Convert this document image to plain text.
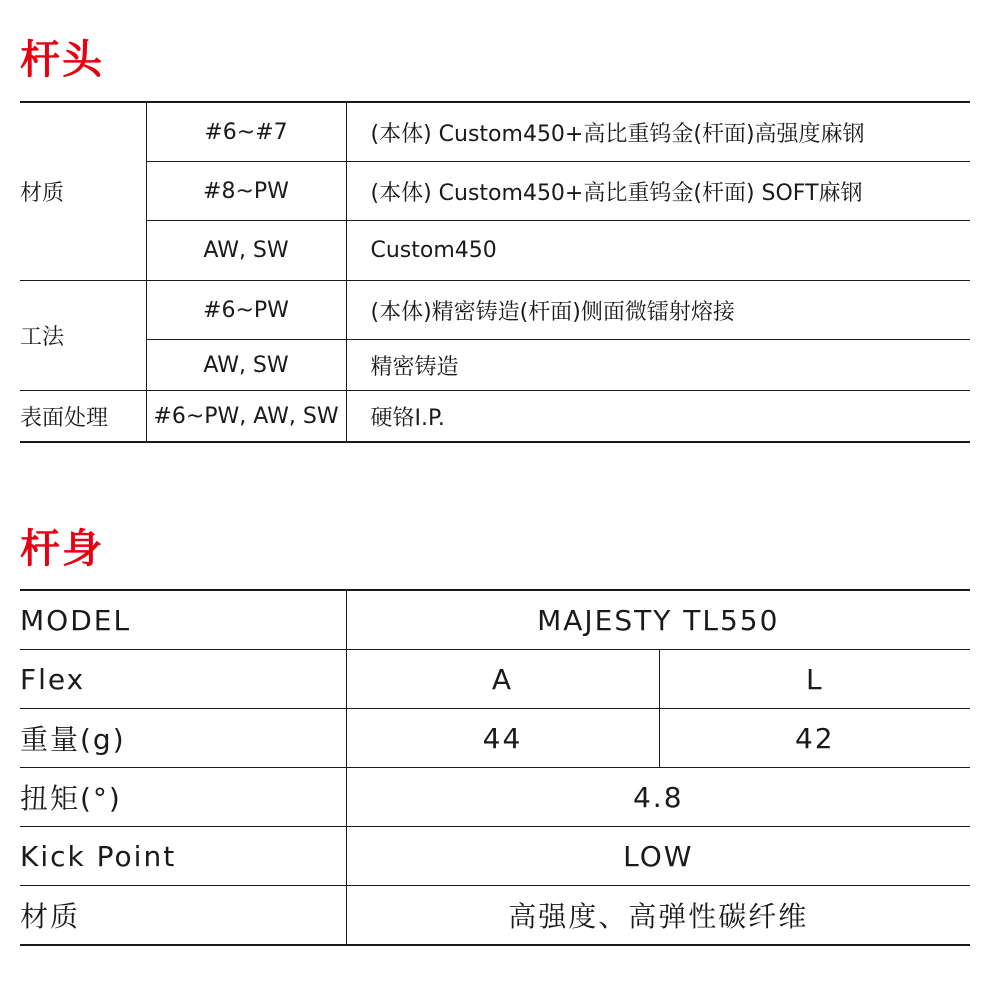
杆头
材质	#6~#7	(本体) Custom450+高比重钨金(杆面)高强度麻钢
	#8~PW	(本体) Custom450+高比重钨金(杆面) SOFT麻钢
	AW, SW	Custom450
工法	#6~PW	(本体)精密铸造(杆面)侧面微镭射熔接
	AW, SW	精密铸造
表面处理	#6~PW, AW, SW	硬铬I.P.
杆身
MODEL	MAJESTY TL550	
Flex	A	L
重量(g)	44	42
扭矩(°)	4.8	
Kick Point	LOW	
材质	高强度、高弹性碳纤维	
